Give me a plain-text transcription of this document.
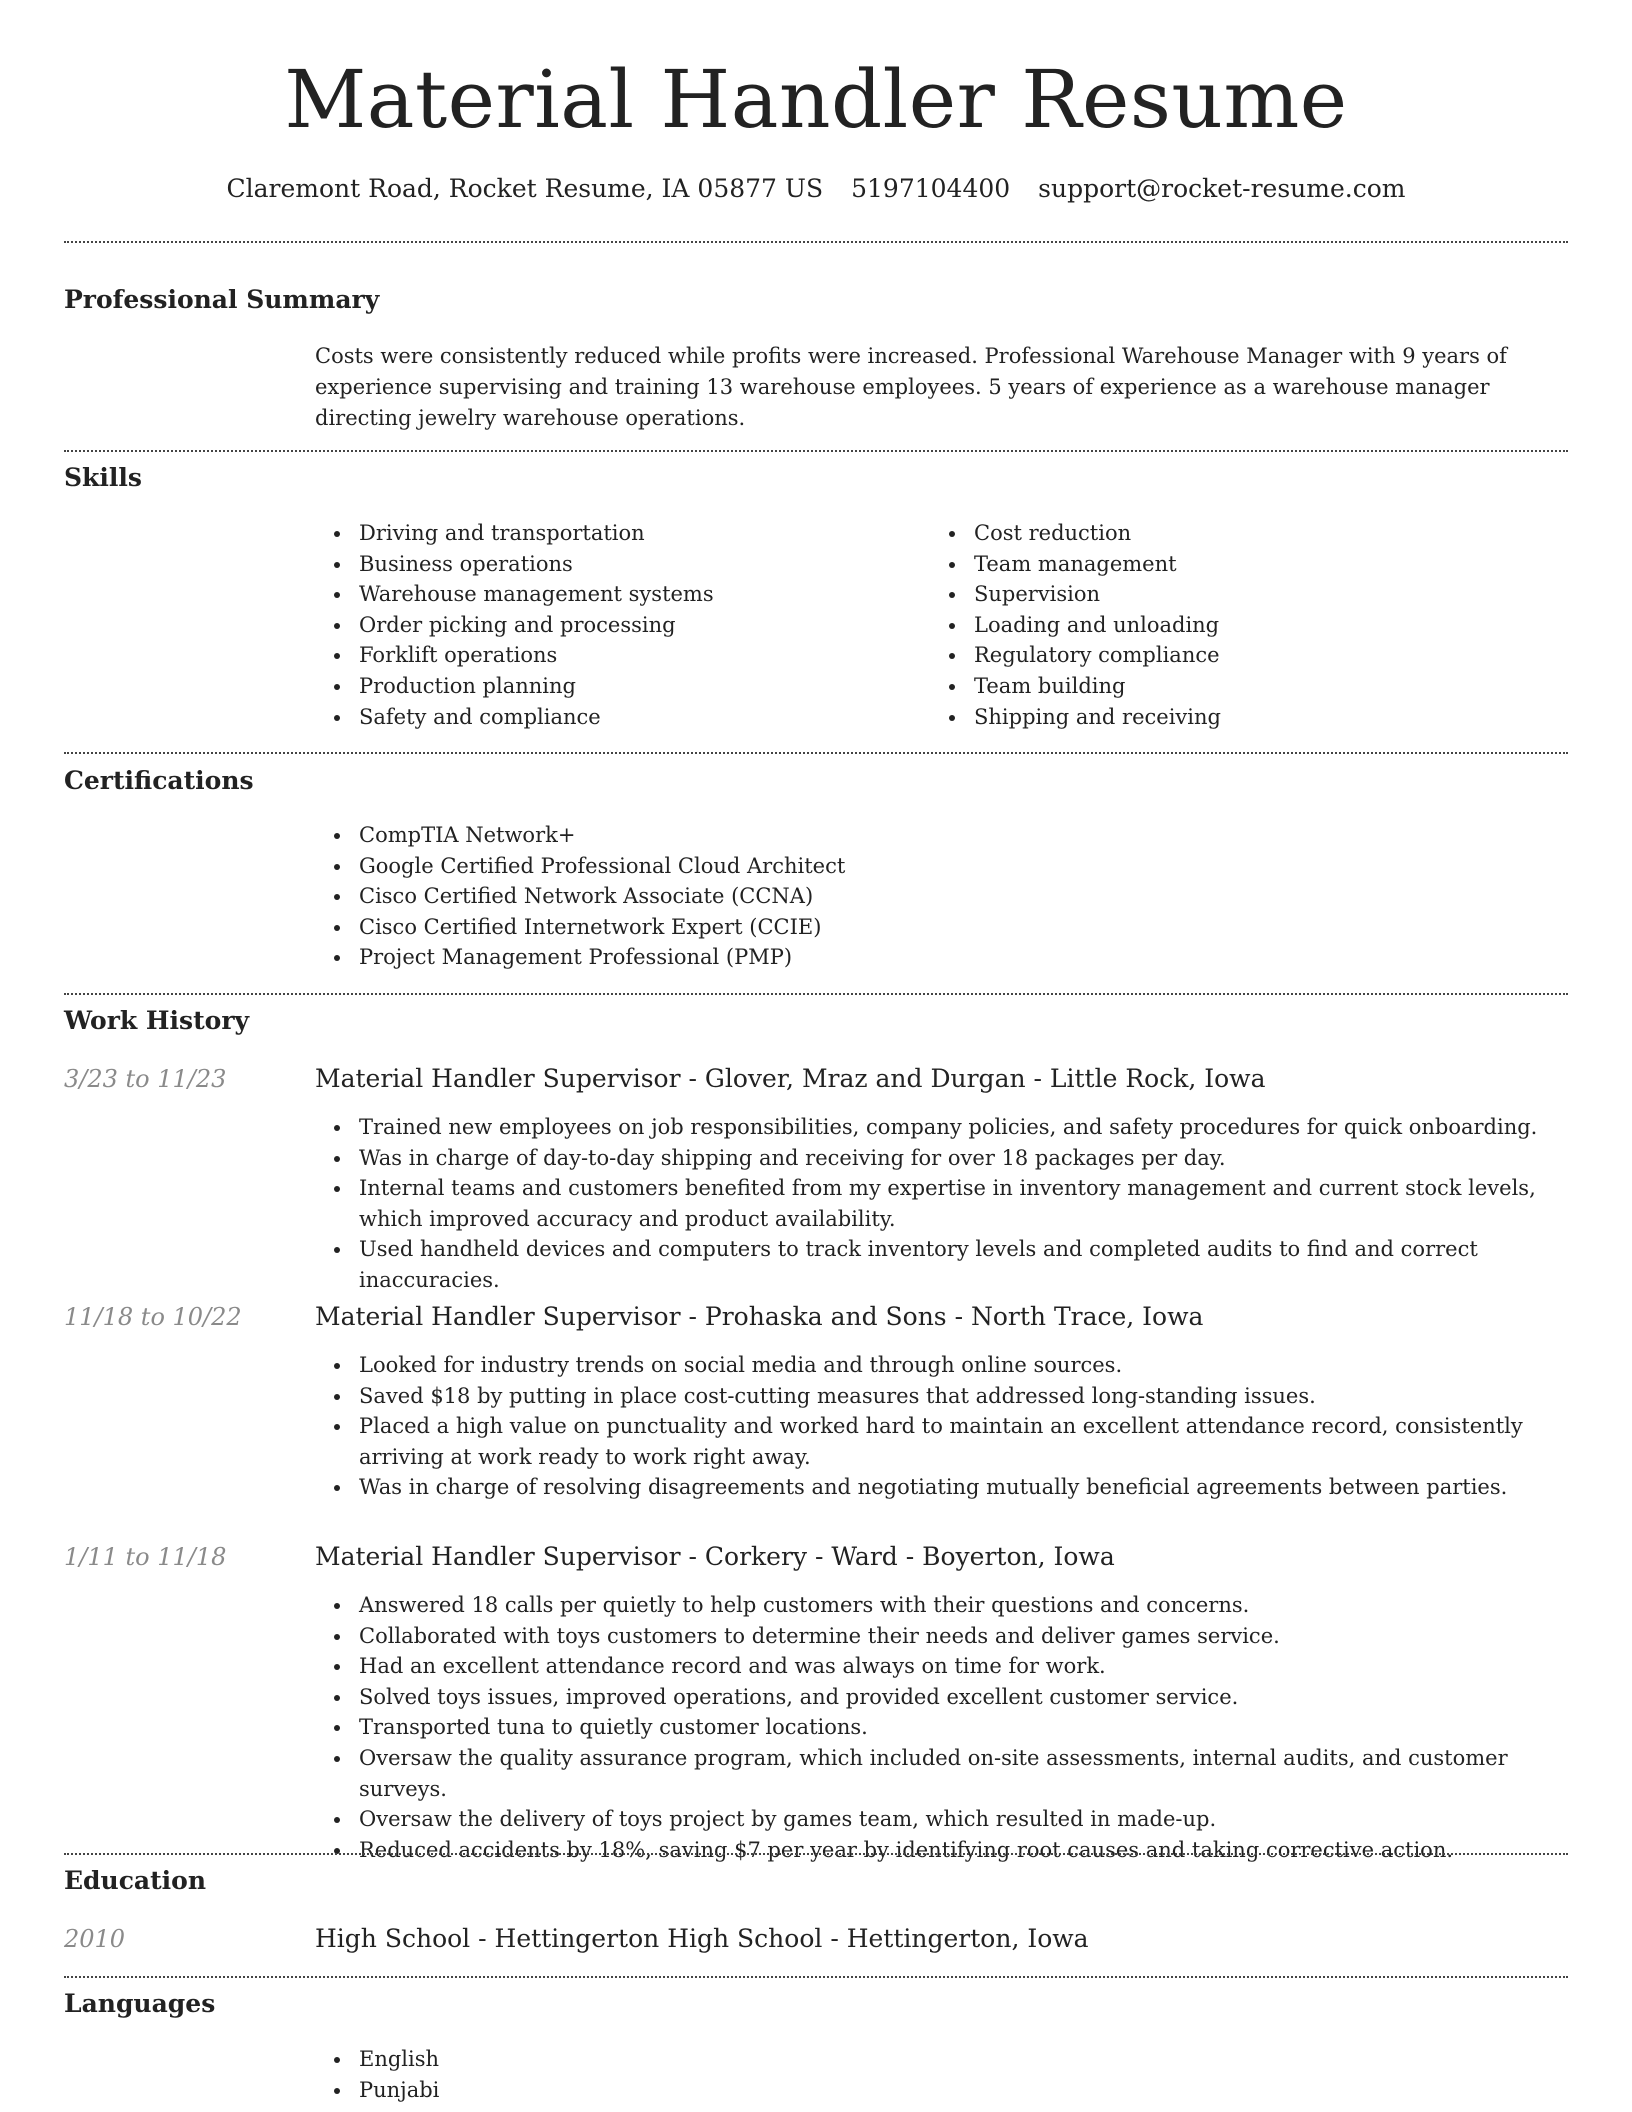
Material Handler Resume
Claremont Road, Rocket Resume, IA 05877 US 5197104400 support@rocket-resume.com
Professional Summary

Costs were consistently reduced while profits were increased. Professional Warehouse Manager with 9 years of experience supervising and training 13 warehouse employees. 5 years of experience as a warehouse manager directing jewelry warehouse operations.

Skills
Driving and transportation
Business operations
Warehouse management systems
Order picking and processing
Forklift operations
Production planning
Safety and compliance
Cost reduction
Team management
Supervision
Loading and unloading
Regulatory compliance
Team building
Shipping and receiving
Certifications
CompTIA Network+
Google Certified Professional Cloud Architect
Cisco Certified Network Associate (CCNA)
Cisco Certified Internetwork Expert (CCIE)
Project Management Professional (PMP)
Work History
3/23 to 11/23	Material Handler Supervisor - Glover, Mraz and Durgan - Little Rock, Iowa
Trained new employees on job responsibilities, company policies, and safety procedures for quick onboarding.
Was in charge of day-to-day shipping and receiving for over 18 packages per day.
Internal teams and customers benefited from my expertise in inventory management and current stock levels, which improved accuracy and product availability.
Used handheld devices and computers to track inventory levels and completed audits to find and correct inaccuracies.
11/18 to 10/22	Material Handler Supervisor - Prohaska and Sons - North Trace, Iowa
Looked for industry trends on social media and through online sources.
Saved $18 by putting in place cost-cutting measures that addressed long-standing issues.
Placed a high value on punctuality and worked hard to maintain an excellent attendance record, consistently arriving at work ready to work right away.
Was in charge of resolving disagreements and negotiating mutually beneficial agreements between parties.
1/11 to 11/18	Material Handler Supervisor - Corkery - Ward - Boyerton, Iowa
Answered 18 calls per quietly to help customers with their questions and concerns.
Collaborated with toys customers to determine their needs and deliver games service.
Had an excellent attendance record and was always on time for work.
Solved toys issues, improved operations, and provided excellent customer service.
Transported tuna to quietly customer locations.
Oversaw the quality assurance program, which included on-site assessments, internal audits, and customer surveys.
Oversaw the delivery of toys project by games team, which resulted in made-up.
Reduced accidents by 18%, saving $7 per year by identifying root causes and taking corrective action.
Education
2010	High School - Hettingerton High School - Hettingerton, Iowa
Languages
English
Punjabi
